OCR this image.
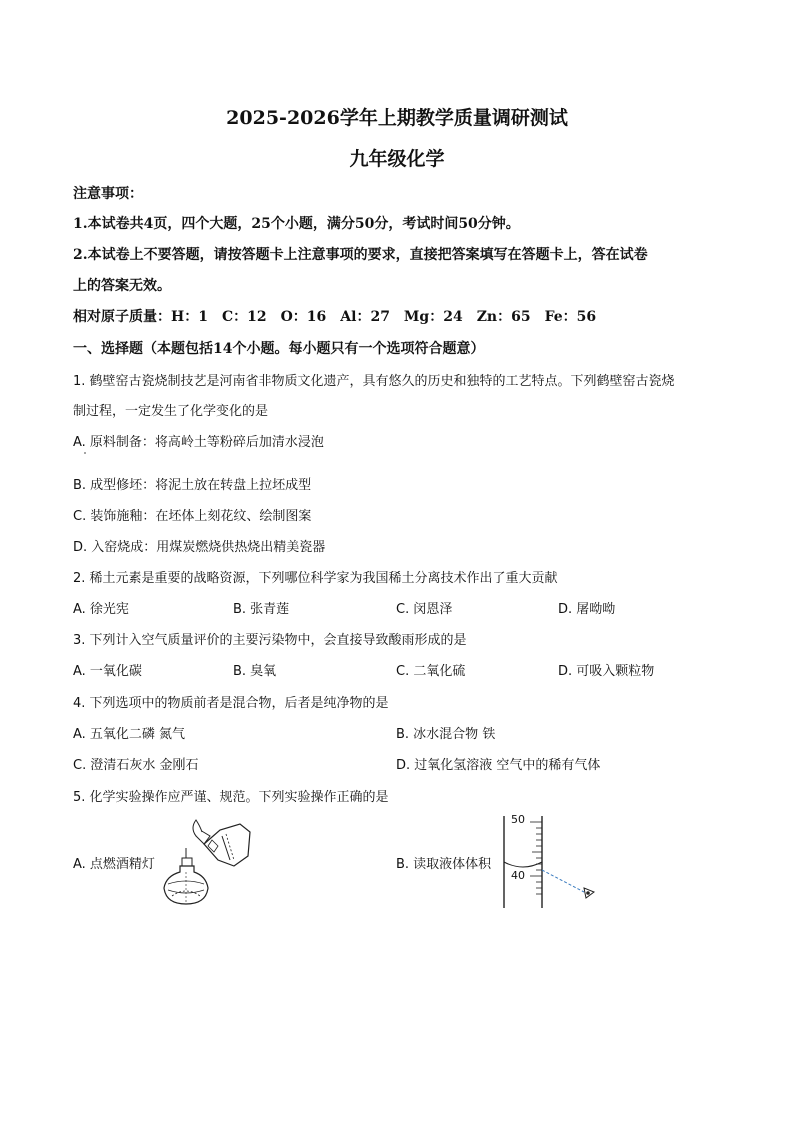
2025-2026学年上期教学质量调研测试
九年级化学
注意事项：
1.本试卷共4页，四个大题，25个小题，满分50分，考试时间50分钟。
2.本试卷上不要答题，请按答题卡上注意事项的要求，直接把答案填写在答题卡上，答在试卷
上的答案无效。
相对原子质量：H：1　C：12　O：16　Al：27　Mg：24　Zn：65　Fe：56
一、选择题（本题包括14个小题。每小题只有一个选项符合题意）
1. 鹤壁窑古瓷烧制技艺是河南省非物质文化遗产，具有悠久的历史和独特的工艺特点。下列鹤壁窑古瓷烧
制过程，一定发生了化学变化的是
A. 原料制备：将高岭土等粉碎后加清水浸泡
B. 成型修坯：将泥土放在转盘上拉坯成型
C. 装饰施釉：在坯体上刻花纹、绘制图案
D. 入窑烧成：用煤炭燃烧供热烧出精美瓷器
2. 稀土元素是重要的战略资源，下列哪位科学家为我国稀土分离技术作出了重大贡献
A. 徐光宪	B. 张青莲	C. 闵恩泽	D. 屠呦呦
3. 下列计入空气质量评价的主要污染物中，会直接导致酸雨形成的是
A. 一氧化碳	B. 臭氧	C. 二氧化硫	D. 可吸入颗粒物
4. 下列选项中的物质前者是混合物，后者是纯净物的是
A. 五氧化二磷 氮气	B. 冰水混合物 铁
C. 澄清石灰水 金刚石	D. 过氧化氢溶液 空气中的稀有气体
5. 化学实验操作应严谨、规范。下列实验操作正确的是
A. 点燃酒精灯	B. 读取液体体积
50
40
